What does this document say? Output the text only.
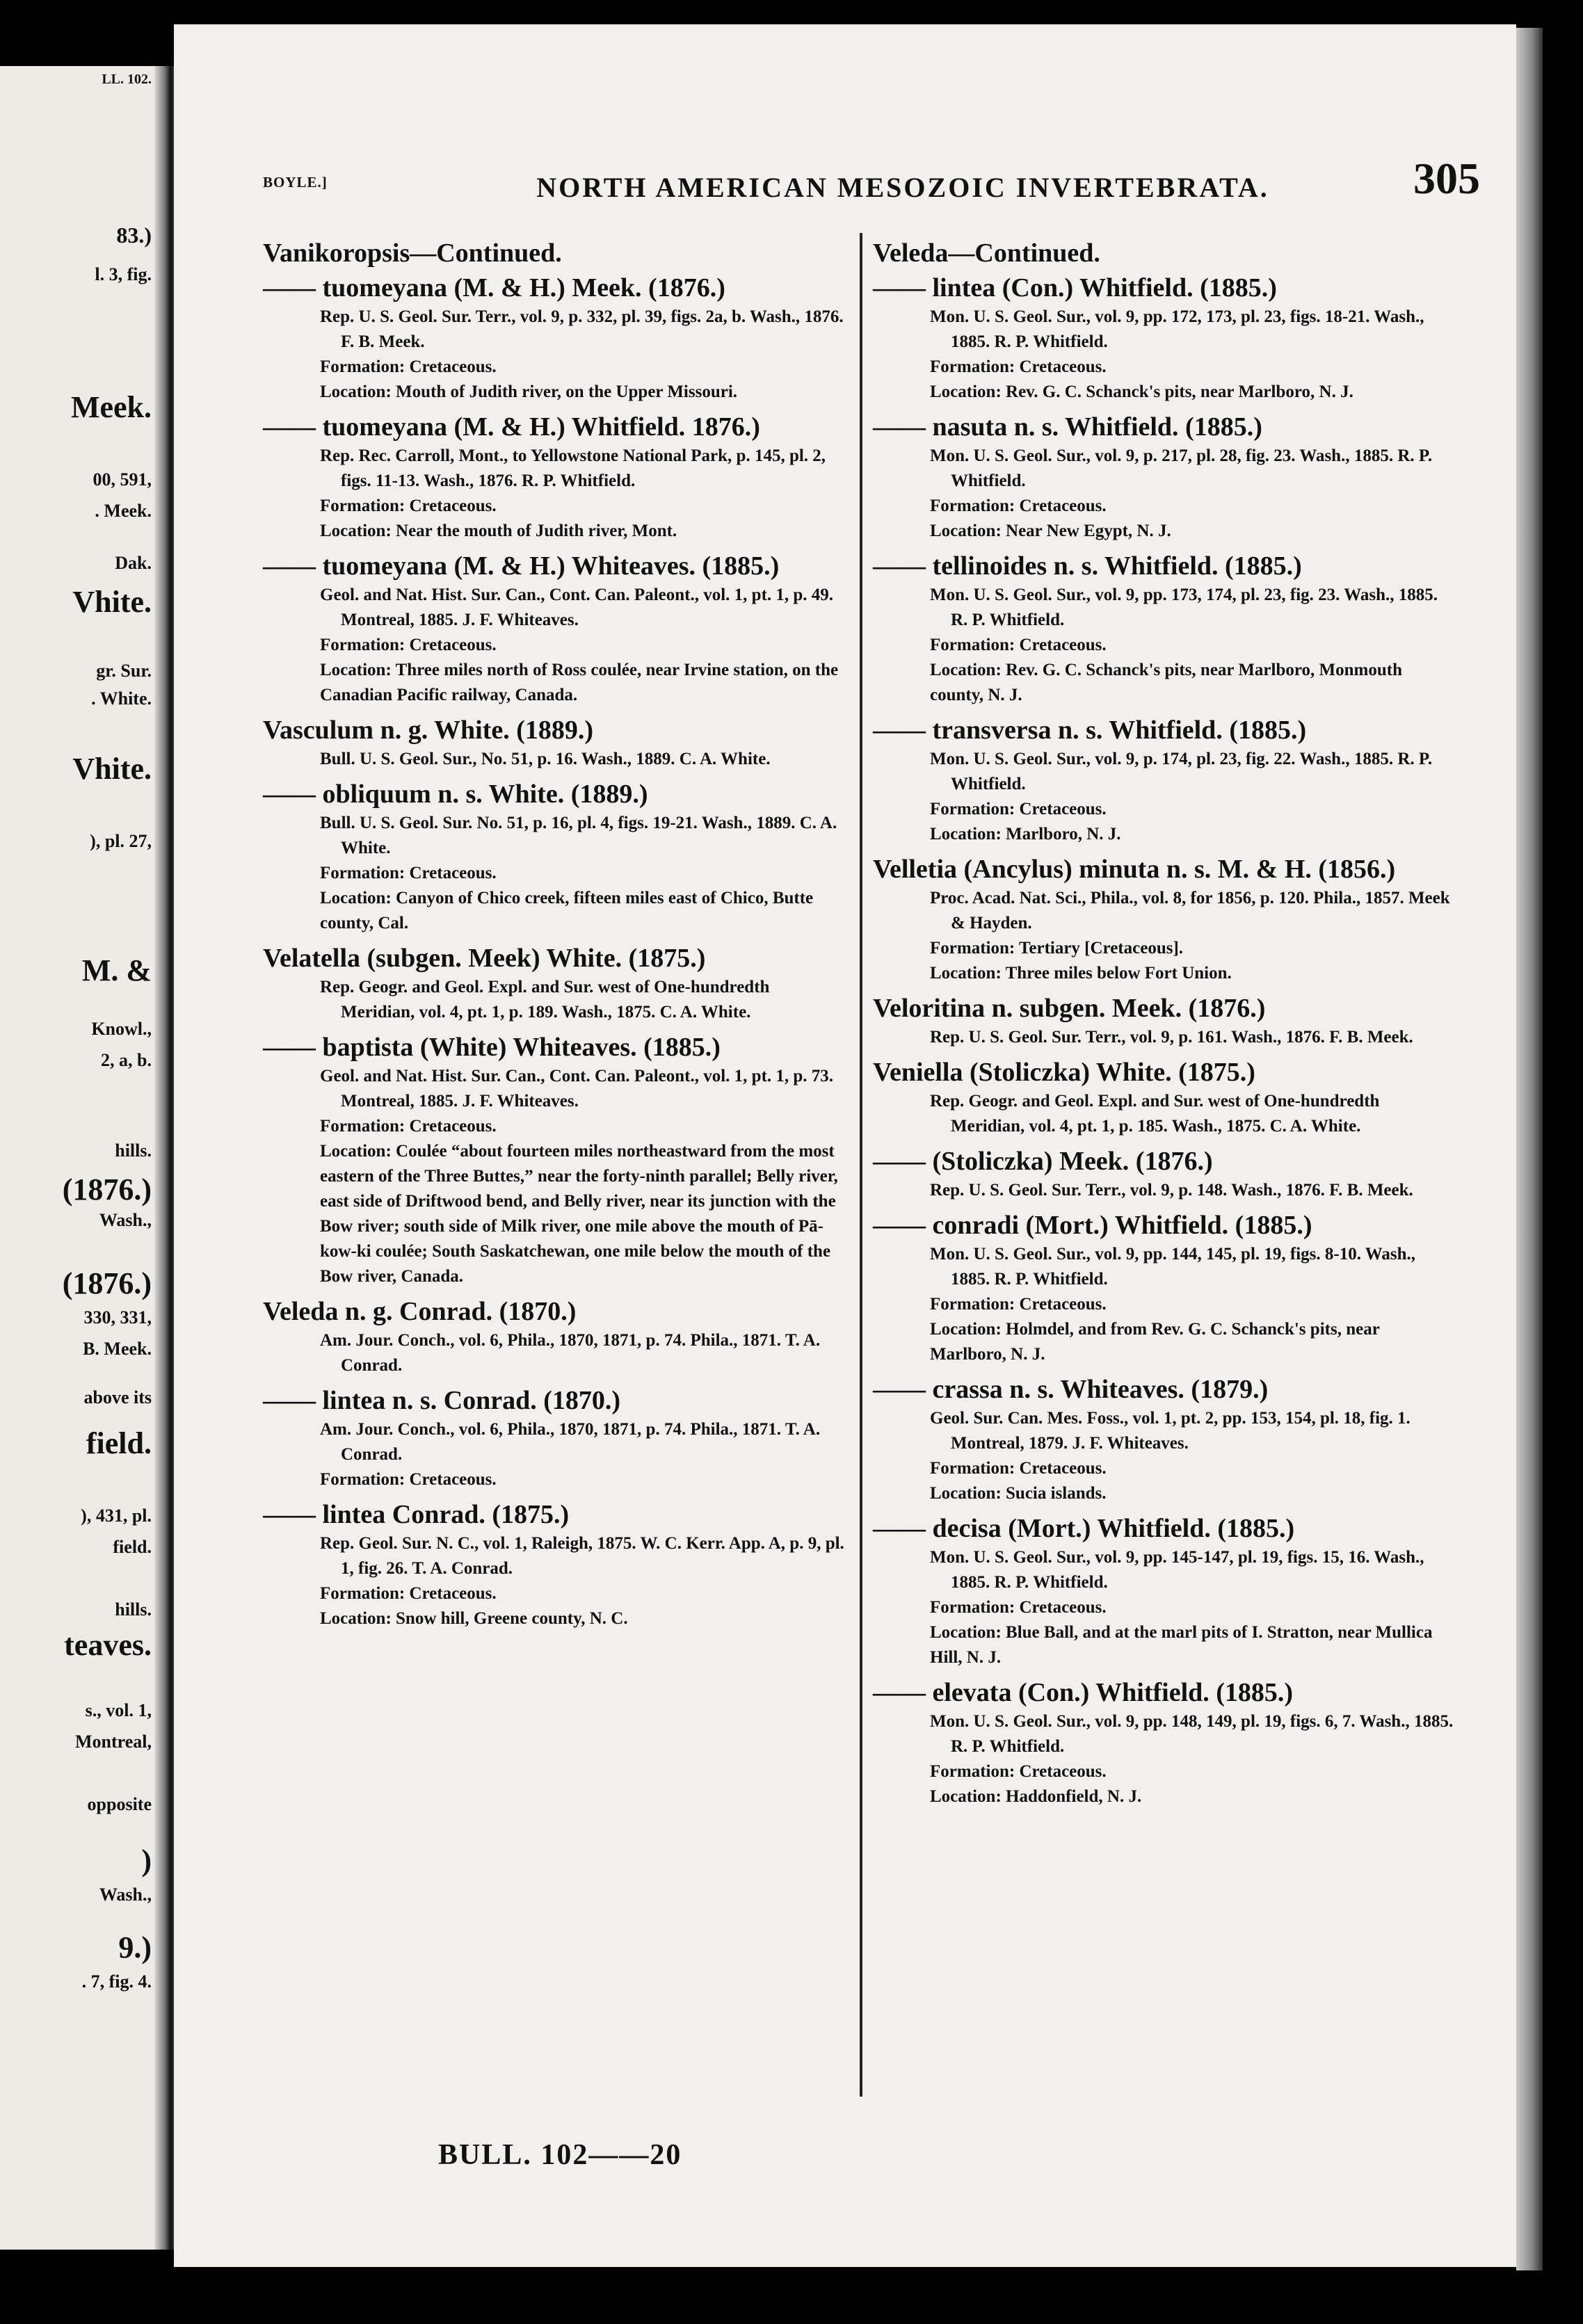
LL. 102.
83.)
l. 3, fig.
Meek.
00, 591,
. Meek.
Dak.
Vhite.
gr. Sur.
. White.
Vhite.
), pl. 27,
M. &
Knowl.,
2, a, b.
hills.
(1876.)
Wash.,
(1876.)
330, 331,
B. Meek.
above its
field.
), 431, pl.
field.
hills.
teaves.
s., vol. 1,
Montreal,
opposite
)
Wash.,
9.)
. 7, fig. 4.
BOYLE.]	NORTH AMERICAN MESOZOIC INVERTEBRATA.	305
Vanikoropsis—Continued.
—— tuomeyana (M. & H.) Meek. (1876.)
Rep. U. S. Geol. Sur. Terr., vol. 9, p. 332, pl. 39, figs. 2a, b. Wash., 1876. F. B. Meek.
Formation: Cretaceous.
Location: Mouth of Judith river, on the Upper Missouri.
—— tuomeyana (M. & H.) Whitfield. 1876.)
Rep. Rec. Carroll, Mont., to Yellowstone National Park, p. 145, pl. 2, figs. 11-13. Wash., 1876. R. P. Whitfield.
Formation: Cretaceous.
Location: Near the mouth of Judith river, Mont.
—— tuomeyana (M. & H.) Whiteaves. (1885.)
Geol. and Nat. Hist. Sur. Can., Cont. Can. Paleont., vol. 1, pt. 1, p. 49. Montreal, 1885. J. F. Whiteaves.
Formation: Cretaceous.
Location: Three miles north of Ross coulée, near Irvine station, on the Canadian Pacific railway, Canada.
Vasculum n. g. White. (1889.)
Bull. U. S. Geol. Sur., No. 51, p. 16. Wash., 1889. C. A. White.
—— obliquum n. s. White. (1889.)
Bull. U. S. Geol. Sur. No. 51, p. 16, pl. 4, figs. 19-21. Wash., 1889. C. A. White.
Formation: Cretaceous.
Location: Canyon of Chico creek, fifteen miles east of Chico, Butte county, Cal.
Velatella (subgen. Meek) White. (1875.)
Rep. Geogr. and Geol. Expl. and Sur. west of One-hundredth Meridian, vol. 4, pt. 1, p. 189. Wash., 1875. C. A. White.
—— baptista (White) Whiteaves. (1885.)
Geol. and Nat. Hist. Sur. Can., Cont. Can. Paleont., vol. 1, pt. 1, p. 73. Montreal, 1885. J. F. Whiteaves.
Formation: Cretaceous.
Location: Coulée “about fourteen miles northeastward from the most eastern of the Three Buttes,” near the forty-ninth parallel; Belly river, east side of Driftwood bend, and Belly river, near its junction with the Bow river; south side of Milk river, one mile above the mouth of Pā-kow-ki coulée; South Saskatchewan, one mile below the mouth of the Bow river, Canada.
Veleda n. g. Conrad. (1870.)
Am. Jour. Conch., vol. 6, Phila., 1870, 1871, p. 74. Phila., 1871. T. A. Conrad.
—— lintea n. s. Conrad. (1870.)
Am. Jour. Conch., vol. 6, Phila., 1870, 1871, p. 74. Phila., 1871. T. A. Conrad.
Formation: Cretaceous.
—— lintea Conrad. (1875.)
Rep. Geol. Sur. N. C., vol. 1, Raleigh, 1875. W. C. Kerr. App. A, p. 9, pl. 1, fig. 26. T. A. Conrad.
Formation: Cretaceous.
Location: Snow hill, Greene county, N. C.
Veleda—Continued.
—— lintea (Con.) Whitfield. (1885.)
Mon. U. S. Geol. Sur., vol. 9, pp. 172, 173, pl. 23, figs. 18-21. Wash., 1885. R. P. Whitfield.
Formation: Cretaceous.
Location: Rev. G. C. Schanck's pits, near Marlboro, N. J.
—— nasuta n. s. Whitfield. (1885.)
Mon. U. S. Geol. Sur., vol. 9, p. 217, pl. 28, fig. 23. Wash., 1885. R. P. Whitfield.
Formation: Cretaceous.
Location: Near New Egypt, N. J.
—— tellinoides n. s. Whitfield. (1885.)
Mon. U. S. Geol. Sur., vol. 9, pp. 173, 174, pl. 23, fig. 23. Wash., 1885. R. P. Whitfield.
Formation: Cretaceous.
Location: Rev. G. C. Schanck's pits, near Marlboro, Monmouth county, N. J.
—— transversa n. s. Whitfield. (1885.)
Mon. U. S. Geol. Sur., vol. 9, p. 174, pl. 23, fig. 22. Wash., 1885. R. P. Whitfield.
Formation: Cretaceous.
Location: Marlboro, N. J.
Velletia (Ancylus) minuta n. s. M. & H. (1856.)
Proc. Acad. Nat. Sci., Phila., vol. 8, for 1856, p. 120. Phila., 1857. Meek & Hayden.
Formation: Tertiary [Cretaceous].
Location: Three miles below Fort Union.
Veloritina n. subgen. Meek. (1876.)
Rep. U. S. Geol. Sur. Terr., vol. 9, p. 161. Wash., 1876. F. B. Meek.
Veniella (Stoliczka) White. (1875.)
Rep. Geogr. and Geol. Expl. and Sur. west of One-hundredth Meridian, vol. 4, pt. 1, p. 185. Wash., 1875. C. A. White.
—— (Stoliczka) Meek. (1876.)
Rep. U. S. Geol. Sur. Terr., vol. 9, p. 148. Wash., 1876. F. B. Meek.
—— conradi (Mort.) Whitfield. (1885.)
Mon. U. S. Geol. Sur., vol. 9, pp. 144, 145, pl. 19, figs. 8-10. Wash., 1885. R. P. Whitfield.
Formation: Cretaceous.
Location: Holmdel, and from Rev. G. C. Schanck's pits, near Marlboro, N. J.
—— crassa n. s. Whiteaves. (1879.)
Geol. Sur. Can. Mes. Foss., vol. 1, pt. 2, pp. 153, 154, pl. 18, fig. 1. Montreal, 1879. J. F. Whiteaves.
Formation: Cretaceous.
Location: Sucia islands.
—— decisa (Mort.) Whitfield. (1885.)
Mon. U. S. Geol. Sur., vol. 9, pp. 145-147, pl. 19, figs. 15, 16. Wash., 1885. R. P. Whitfield.
Formation: Cretaceous.
Location: Blue Ball, and at the marl pits of I. Stratton, near Mullica Hill, N. J.
—— elevata (Con.) Whitfield. (1885.)
Mon. U. S. Geol. Sur., vol. 9, pp. 148, 149, pl. 19, figs. 6, 7. Wash., 1885. R. P. Whitfield.
Formation: Cretaceous.
Location: Haddonfield, N. J.
BULL. 102——20
